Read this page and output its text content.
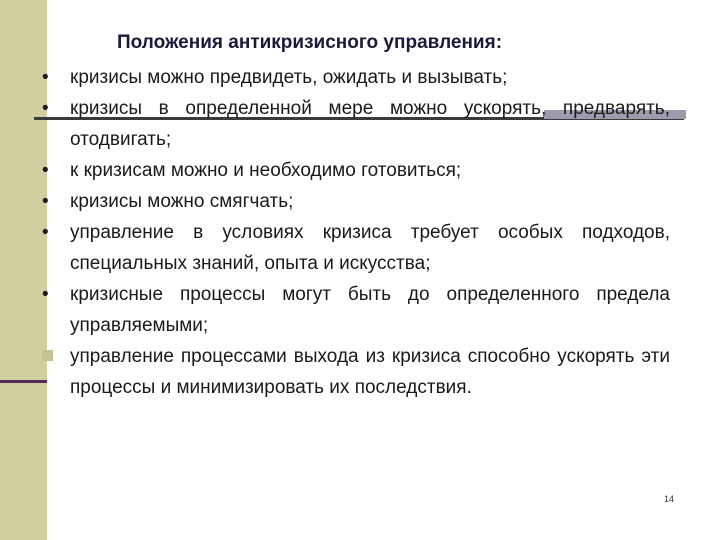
Положения антикризисного управления:
• кризисы можно предвидеть, ожидать и вызывать;
• кризисы в определенной мере можно ускорять, предварять, отодвигать;
• к кризисам можно и необходимо готовиться;
• кризисы можно смягчать;
• управление в условиях кризиса требует особых подходов, специальных знаний, опыта и искусства;
• кризисные процессы могут быть до определенного предела управляемыми;
управление процессами выхода из кризиса способно ускорять эти процессы и минимизировать их последствия.
14
